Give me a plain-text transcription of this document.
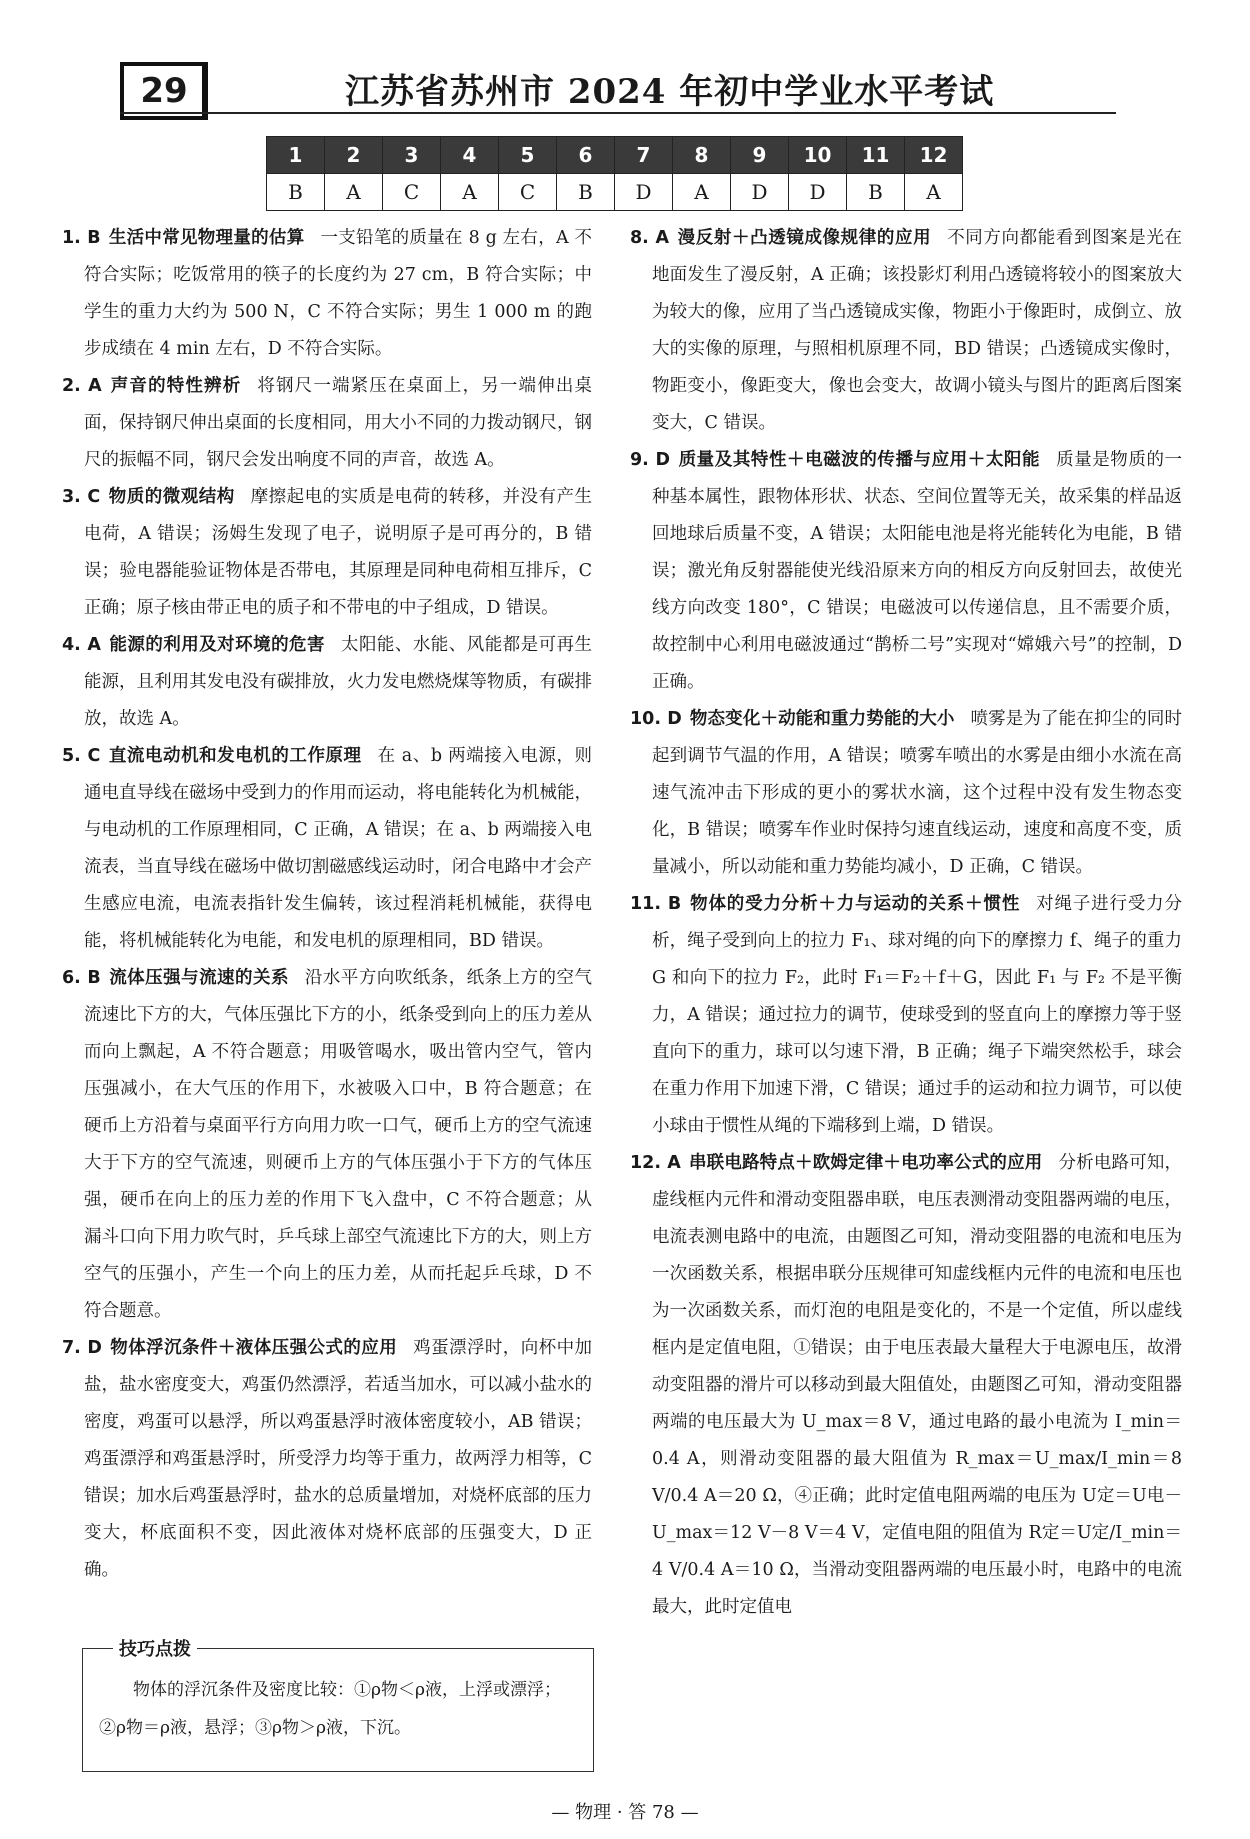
29	江苏省苏州市 2024 年初中学业水平考试
1	2	3	4	5	6	7	8	9	10	11	12
B	A	C	A	C	B	D	A	D	D	B	A
1. B 生活中常见物理量的估算 一支铅笔的质量在 8 g 左右，A 不符合实际；吃饭常用的筷子的长度约为 27 cm，B 符合实际；中学生的重力大约为 500 N，C 不符合实际；男生 1 000 m 的跑步成绩在 4 min 左右，D 不符合实际。
2. A 声音的特性辨析 将钢尺一端紧压在桌面上，另一端伸出桌面，保持钢尺伸出桌面的长度相同，用大小不同的力拨动钢尺，钢尺的振幅不同，钢尺会发出响度不同的声音，故选 A。
3. C 物质的微观结构 摩擦起电的实质是电荷的转移，并没有产生电荷，A 错误；汤姆生发现了电子，说明原子是可再分的，B 错误；验电器能验证物体是否带电，其原理是同种电荷相互排斥，C 正确；原子核由带正电的质子和不带电的中子组成，D 错误。
4. A 能源的利用及对环境的危害 太阳能、水能、风能都是可再生能源，且利用其发电没有碳排放，火力发电燃烧煤等物质，有碳排放，故选 A。
5. C 直流电动机和发电机的工作原理 在 a、b 两端接入电源，则通电直导线在磁场中受到力的作用而运动，将电能转化为机械能，与电动机的工作原理相同，C 正确，A 错误；在 a、b 两端接入电流表，当直导线在磁场中做切割磁感线运动时，闭合电路中才会产生感应电流，电流表指针发生偏转，该过程消耗机械能，获得电能，将机械能转化为电能，和发电机的原理相同，BD 错误。
6. B 流体压强与流速的关系 沿水平方向吹纸条，纸条上方的空气流速比下方的大，气体压强比下方的小，纸条受到向上的压力差从而向上飘起，A 不符合题意；用吸管喝水，吸出管内空气，管内压强减小，在大气压的作用下，水被吸入口中，B 符合题意；在硬币上方沿着与桌面平行方向用力吹一口气，硬币上方的空气流速大于下方的空气流速，则硬币上方的气体压强小于下方的气体压强，硬币在向上的压力差的作用下飞入盘中，C 不符合题意；从漏斗口向下用力吹气时，乒乓球上部空气流速比下方的大，则上方空气的压强小，产生一个向上的压力差，从而托起乒乓球，D 不符合题意。
7. D 物体浮沉条件＋液体压强公式的应用 鸡蛋漂浮时，向杯中加盐，盐水密度变大，鸡蛋仍然漂浮，若适当加水，可以减小盐水的密度，鸡蛋可以悬浮，所以鸡蛋悬浮时液体密度较小，AB 错误；鸡蛋漂浮和鸡蛋悬浮时，所受浮力均等于重力，故两浮力相等，C 错误；加水后鸡蛋悬浮时，盐水的总质量增加，对烧杯底部的压力变大，杯底面积不变，因此液体对烧杯底部的压强变大，D 正确。
8. A 漫反射＋凸透镜成像规律的应用 不同方向都能看到图案是光在地面发生了漫反射，A 正确；该投影灯利用凸透镜将较小的图案放大为较大的像，应用了当凸透镜成实像，物距小于像距时，成倒立、放大的实像的原理，与照相机原理不同，BD 错误；凸透镜成实像时，物距变小，像距变大，像也会变大，故调小镜头与图片的距离后图案变大，C 错误。
9. D 质量及其特性＋电磁波的传播与应用＋太阳能 质量是物质的一种基本属性，跟物体形状、状态、空间位置等无关，故采集的样品返回地球后质量不变，A 错误；太阳能电池是将光能转化为电能，B 错误；激光角反射器能使光线沿原来方向的相反方向反射回去，故使光线方向改变 180°，C 错误；电磁波可以传递信息，且不需要介质，故控制中心利用电磁波通过“鹊桥二号”实现对“嫦娥六号”的控制，D 正确。
10. D 物态变化＋动能和重力势能的大小 喷雾是为了能在抑尘的同时起到调节气温的作用，A 错误；喷雾车喷出的水雾是由细小水流在高速气流冲击下形成的更小的雾状水滴，这个过程中没有发生物态变化，B 错误；喷雾车作业时保持匀速直线运动，速度和高度不变，质量减小，所以动能和重力势能均减小，D 正确，C 错误。
11. B 物体的受力分析＋力与运动的关系＋惯性 对绳子进行受力分析，绳子受到向上的拉力 F₁、球对绳的向下的摩擦力 f、绳子的重力 G 和向下的拉力 F₂，此时 F₁＝F₂＋f＋G，因此 F₁ 与 F₂ 不是平衡力，A 错误；通过拉力的调节，使球受到的竖直向上的摩擦力等于竖直向下的重力，球可以匀速下滑，B 正确；绳子下端突然松手，球会在重力作用下加速下滑，C 错误；通过手的运动和拉力调节，可以使小球由于惯性从绳的下端移到上端，D 错误。
12. A 串联电路特点＋欧姆定律＋电功率公式的应用 分析电路可知，虚线框内元件和滑动变阻器串联，电压表测滑动变阻器两端的电压，电流表测电路中的电流，由题图乙可知，滑动变阻器的电流和电压为一次函数关系，根据串联分压规律可知虚线框内元件的电流和电压也为一次函数关系，而灯泡的电阻是变化的，不是一个定值，所以虚线框内是定值电阻，①错误；由于电压表最大量程大于电源电压，故滑动变阻器的滑片可以移动到最大阻值处，由题图乙可知，滑动变阻器两端的电压最大为 U_max＝8 V，通过电路的最小电流为 I_min＝0.4 A，则滑动变阻器的最大阻值为 R_max＝U_max/I_min＝8 V/0.4 A＝20 Ω，④正确；此时定值电阻两端的电压为 U定＝U电－U_max＝12 V－8 V＝4 V，定值电阻的阻值为 R定＝U定/I_min＝4 V/0.4 A＝10 Ω，当滑动变阻器两端的电压最小时，电路中的电流最大，此时定值电
技巧点拨
物体的浮沉条件及密度比较：①ρ物＜ρ液，上浮或漂浮；②ρ物＝ρ液，悬浮；③ρ物＞ρ液，下沉。
— 物理 · 答 78 —
